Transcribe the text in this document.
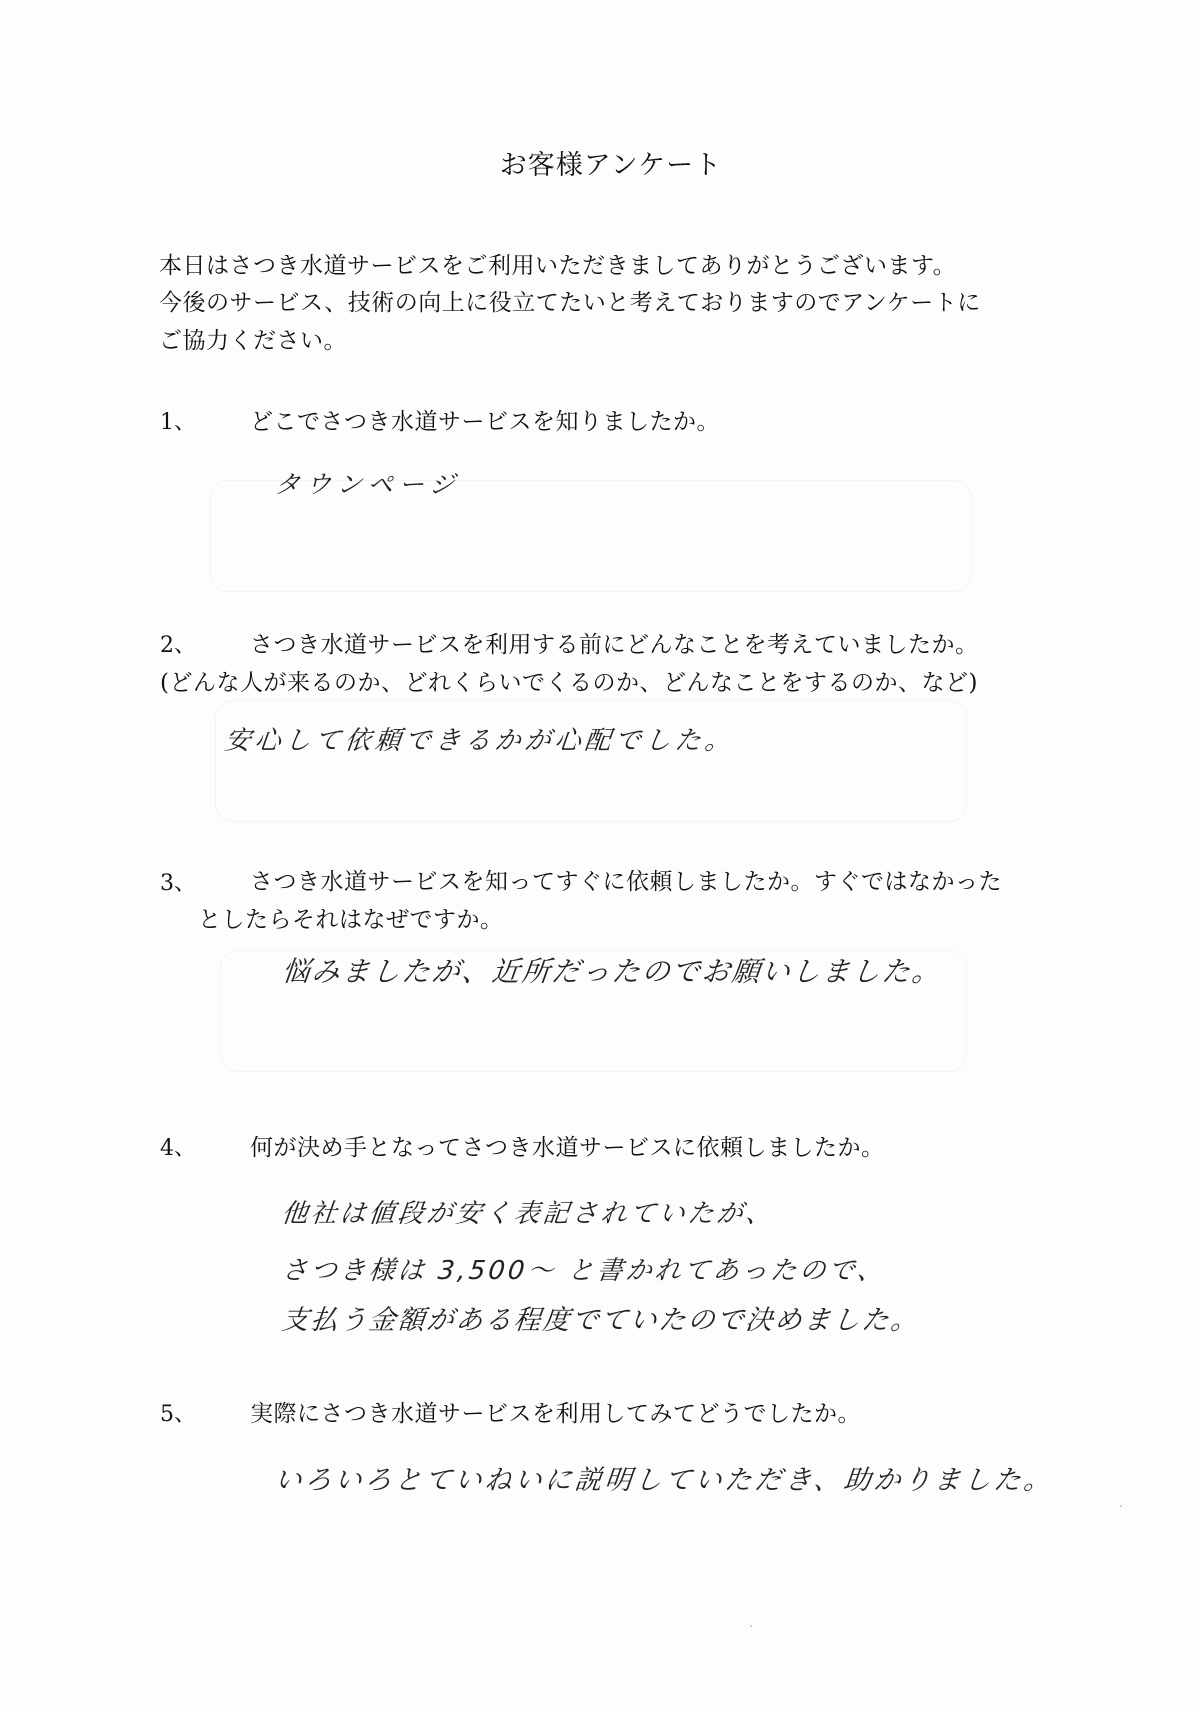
お客様アンケート
本日はさつき水道サービスをご利用いただきましてありがとうございます。
今後のサービス、技術の向上に役立てたいと考えておりますのでアンケートに
ご協力ください。
1、 どこでさつき水道サービスを知りましたか。
タウンページ
2、 さつき水道サービスを利用する前にどんなことを考えていましたか。
(どんな人が来るのか、どれくらいでくるのか、どんなことをするのか、など)
安心して依頼できるかが心配でした。
3、 さつき水道サービスを知ってすぐに依頼しましたか。すぐではなかった
としたらそれはなぜですか。
悩みましたが、近所だったのでお願いしました。
4、 何が決め手となってさつき水道サービスに依頼しましたか。
他社は値段が安く表記されていたが、
さつき様は 3,500～ と書かれてあったので、
支払う金額がある程度でていたので決めました。
5、 実際にさつき水道サービスを利用してみてどうでしたか。
いろいろとていねいに説明していただき、助かりました。
